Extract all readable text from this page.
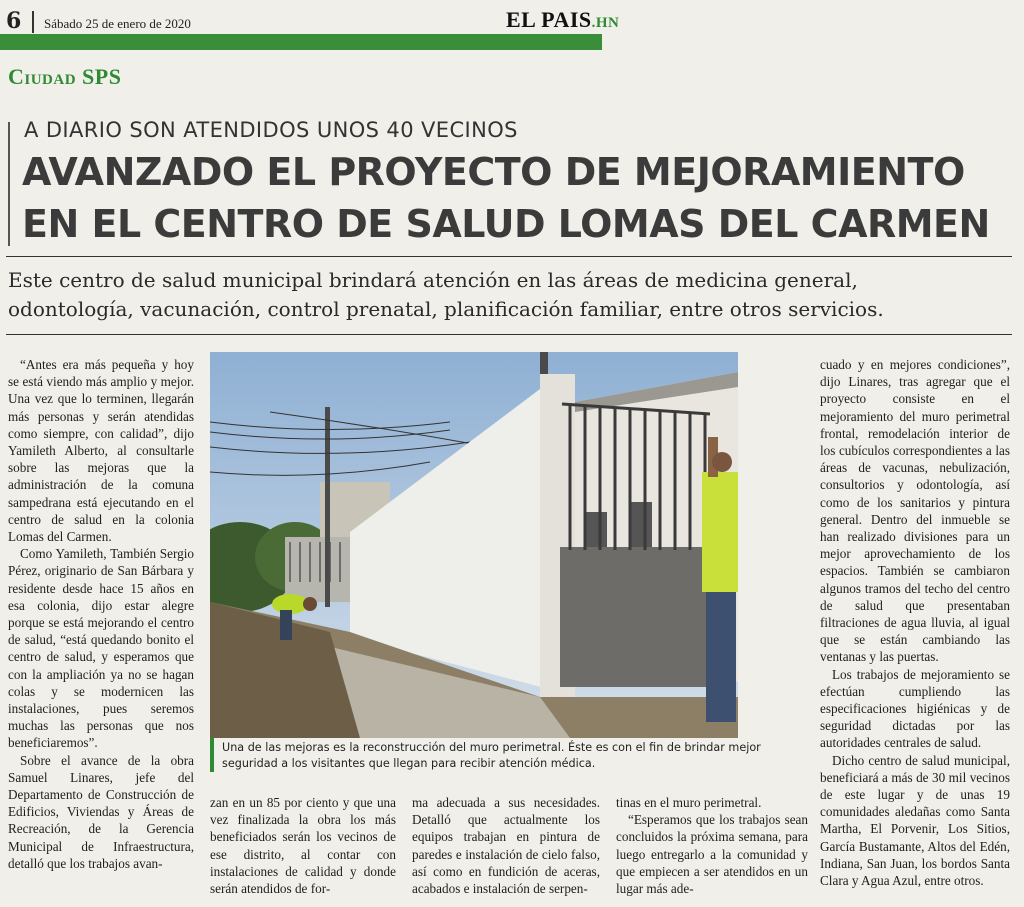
6 Sábado 25 de enero de 2020	EL PAIS.HN
Ciudad SPS
A DIARIO SON ATENDIDOS UNOS 40 VECINOS
AVANZADO EL PROYECTO DE MEJORAMIENTO
EN EL CENTRO DE SALUD LOMAS DEL CARMEN
Este centro de salud municipal brindará atención en las áreas de medicina general,
odontología, vacunación, control prenatal, planificación familiar, entre otros servicios.

“Antes era más pequeña y hoy se está viendo más amplio y mejor. Una vez que lo terminen, llegarán más personas y serán atendidas como siempre, con calidad”, dijo Yamileth Alberto, al consultarle sobre las mejoras que la administración de la comuna sampedrana está ejecutando en el centro de salud en la colonia Lomas del Carmen.

Como Yamileth, También Sergio Pérez, originario de San Bárbara y residente desde hace 15 años en esa colonia, dijo estar alegre porque se está mejorando el centro de salud, “está quedando bonito el centro de salud, y esperamos que con la ampliación ya no se hagan colas y se modernicen las instalaciones, pues seremos muchas las personas que nos beneficiaremos”.

Sobre el avance de la obra Samuel Linares, jefe del Departamento de Construcción de Edificios, Viviendas y Áreas de Recreación, de la Gerencia Municipal de Infraestructura, detalló que los trabajos avan-

Una de las mejoras es la reconstrucción del muro perimetral. Éste es con el fin de brindar mejor seguridad a los visitantes que llegan para recibir atención médica.

zan en un 85 por ciento y que una vez finalizada la obra los más beneficiados serán los vecinos de ese distrito, al contar con instalaciones de calidad y donde serán atendidos de for-

ma adecuada a sus necesidades. Detalló que actualmente los equipos trabajan en pintura de paredes e instalación de cielo falso, así como en fundición de aceras, acabados e instalación de serpen-

tinas en el muro perimetral.

“Esperamos que los trabajos sean concluidos la próxima semana, para luego entregarlo a la comunidad y que empiecen a ser atendidos en un lugar más ade-

cuado y en mejores condiciones”, dijo Linares, tras agregar que el proyecto consiste en el mejoramiento del muro perimetral frontal, remodelación interior de los cubículos correspondientes a las áreas de vacunas, nebulización, consultorios y odontología, así como de los sanitarios y pintura general. Dentro del inmueble se han realizado divisiones para un mejor aprovechamiento de los espacios. También se cambiaron algunos tramos del techo del centro de salud que presentaban filtraciones de agua lluvia, al igual que se están cambiando las ventanas y las puertas.

Los trabajos de mejoramiento se efectúan cumpliendo las especificaciones higiénicas y de seguridad dictadas por las autoridades centrales de salud.

Dicho centro de salud municipal, beneficiará a más de 30 mil vecinos de este lugar y de unas 19 comunidades aledañas como Santa Martha, El Porvenir, Los Sitios, García Bustamante, Altos del Edén, Indiana, San Juan, los bordos Santa Clara y Agua Azul, entre otros.
